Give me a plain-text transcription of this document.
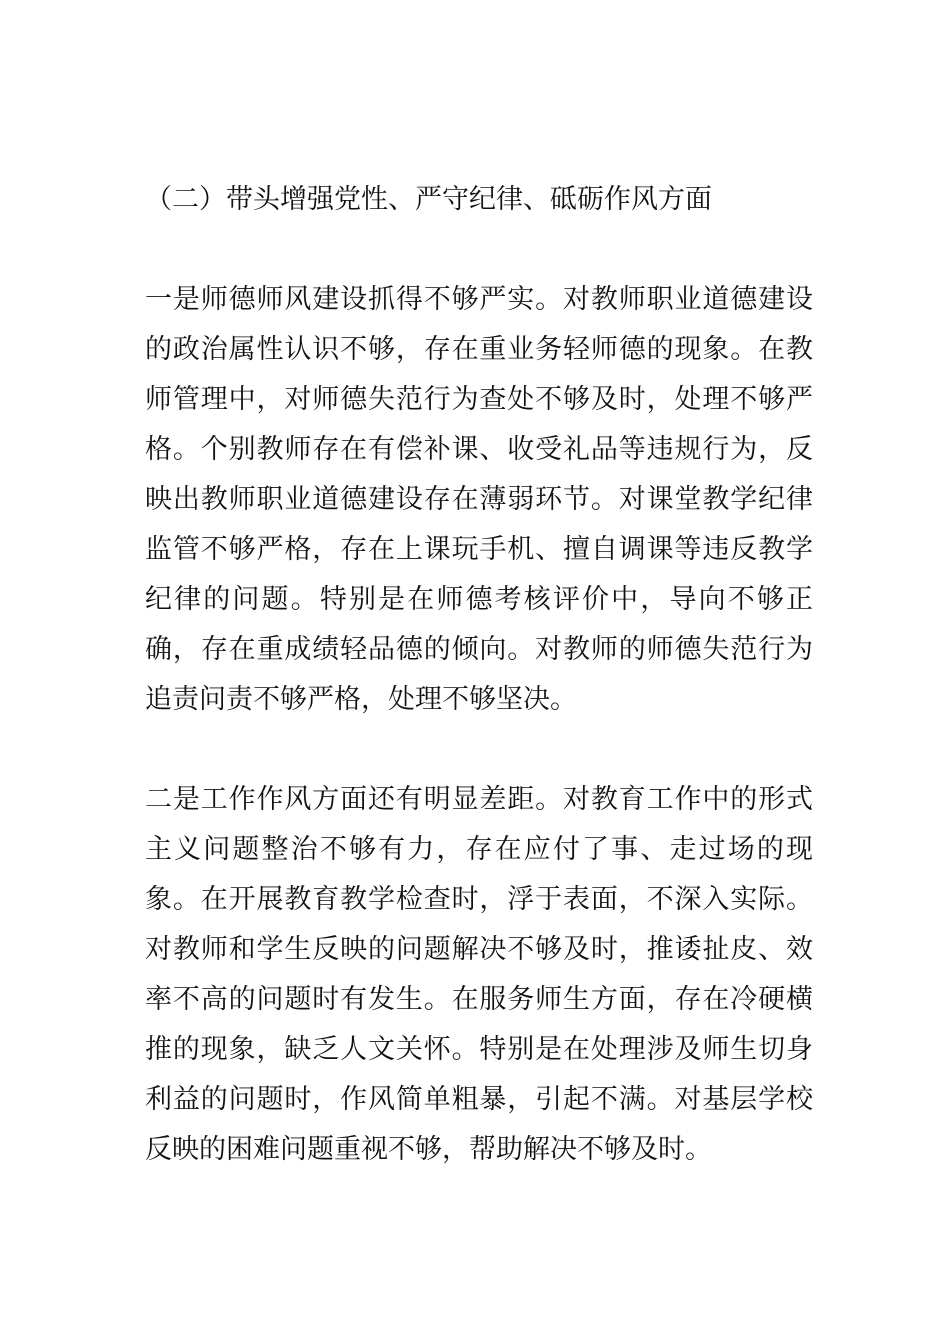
（二）带头增强党性、严守纪律、砥砺作风方面

一是师德师风建设抓得不够严实。对教师职业道德建设的政治属性认识不够，存在重业务轻师德的现象。在教师管理中，对师德失范行为查处不够及时，处理不够严格。个别教师存在有偿补课、收受礼品等违规行为，反映出教师职业道德建设存在薄弱环节。对课堂教学纪律监管不够严格，存在上课玩手机、擅自调课等违反教学纪律的问题。特别是在师德考核评价中，导向不够正确，存在重成绩轻品德的倾向。对教师的师德失范行为追责问责不够严格，处理不够坚决。

二是工作作风方面还有明显差距。对教育工作中的形式主义问题整治不够有力，存在应付了事、走过场的现象。在开展教育教学检查时，浮于表面，不深入实际。对教师和学生反映的问题解决不够及时，推诿扯皮、效率不高的问题时有发生。在服务师生方面，存在冷硬横推的现象，缺乏人文关怀。特别是在处理涉及师生切身利益的问题时，作风简单粗暴，引起不满。对基层学校反映的困难问题重视不够，帮助解决不够及时。
